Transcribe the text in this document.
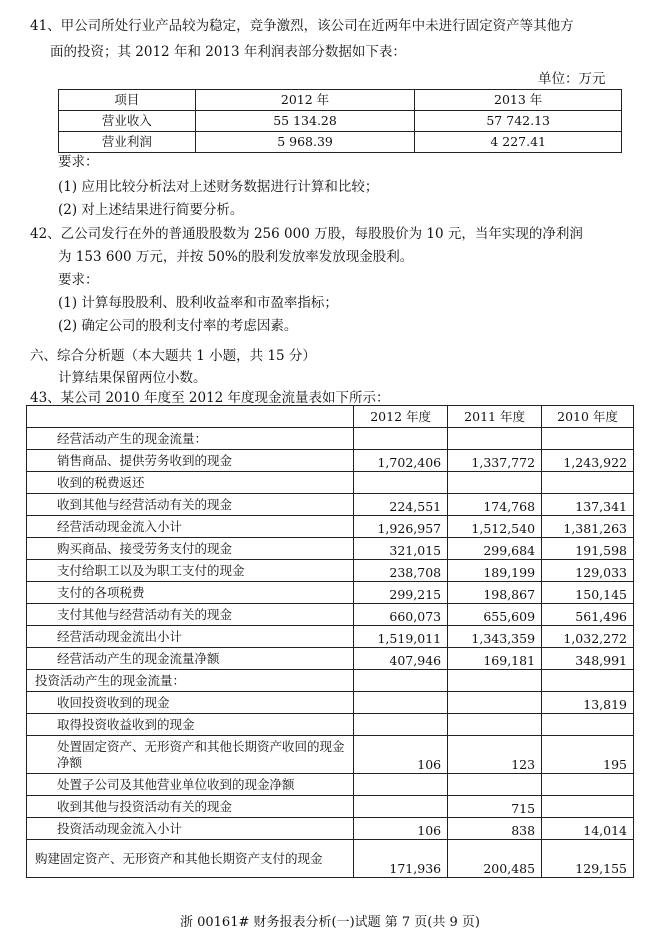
41、甲公司所处行业产品较为稳定，竞争激烈，该公司在近两年中未进行固定资产等其他方
面的投资；其 2012 年和 2013 年利润表部分数据如下表：
单位：万元
项目	2012 年	2013 年
营业收入	55 134.28	57 742.13
营业利润	5 968.39	4 227.41
要求：
(1) 应用比较分析法对上述财务数据进行计算和比较；
(2) 对上述结果进行简要分析。
42、乙公司发行在外的普通股股数为 256 000 万股，每股股价为 10 元，当年实现的净利润
为 153 600 万元，并按 50%的股利发放率发放现金股利。
要求：
(1) 计算每股股利、股利收益率和市盈率指标；
(2) 确定公司的股利支付率的考虑因素。
六、综合分析题（本大题共 1 小题，共 15 分）
计算结果保留两位小数。
43、某公司 2010 年度至 2012 年度现金流量表如下所示：
	2012 年度	2011 年度	2010 年度
经营活动产生的现金流量：			
销售商品、提供劳务收到的现金	1,702,406	1,337,772	1,243,922
收到的税费返还			
收到其他与经营活动有关的现金	224,551	174,768	137,341
经营活动现金流入小计	1,926,957	1,512,540	1,381,263
购买商品、接受劳务支付的现金	321,015	299,684	191,598
支付给职工以及为职工支付的现金	238,708	189,199	129,033
支付的各项税费	299,215	198,867	150,145
支付其他与经营活动有关的现金	660,073	655,609	561,496
经营活动现金流出小计	1,519,011	1,343,359	1,032,272
经营活动产生的现金流量净额	407,946	169,181	348,991
投资活动产生的现金流量：			
收回投资收到的现金			13,819
取得投资收益收到的现金			
处置固定资产、无形资产和其他长期资产收回的现金净额	106	123	195
处置子公司及其他营业单位收到的现金净额			
收到其他与投资活动有关的现金		715	
投资活动现金流入小计	106	838	14,014
购建固定资产、无形资产和其他长期资产支付的现金	171,936	200,485	129,155
浙 00161# 财务报表分析(一)试题 第 7 页(共 9 页)
